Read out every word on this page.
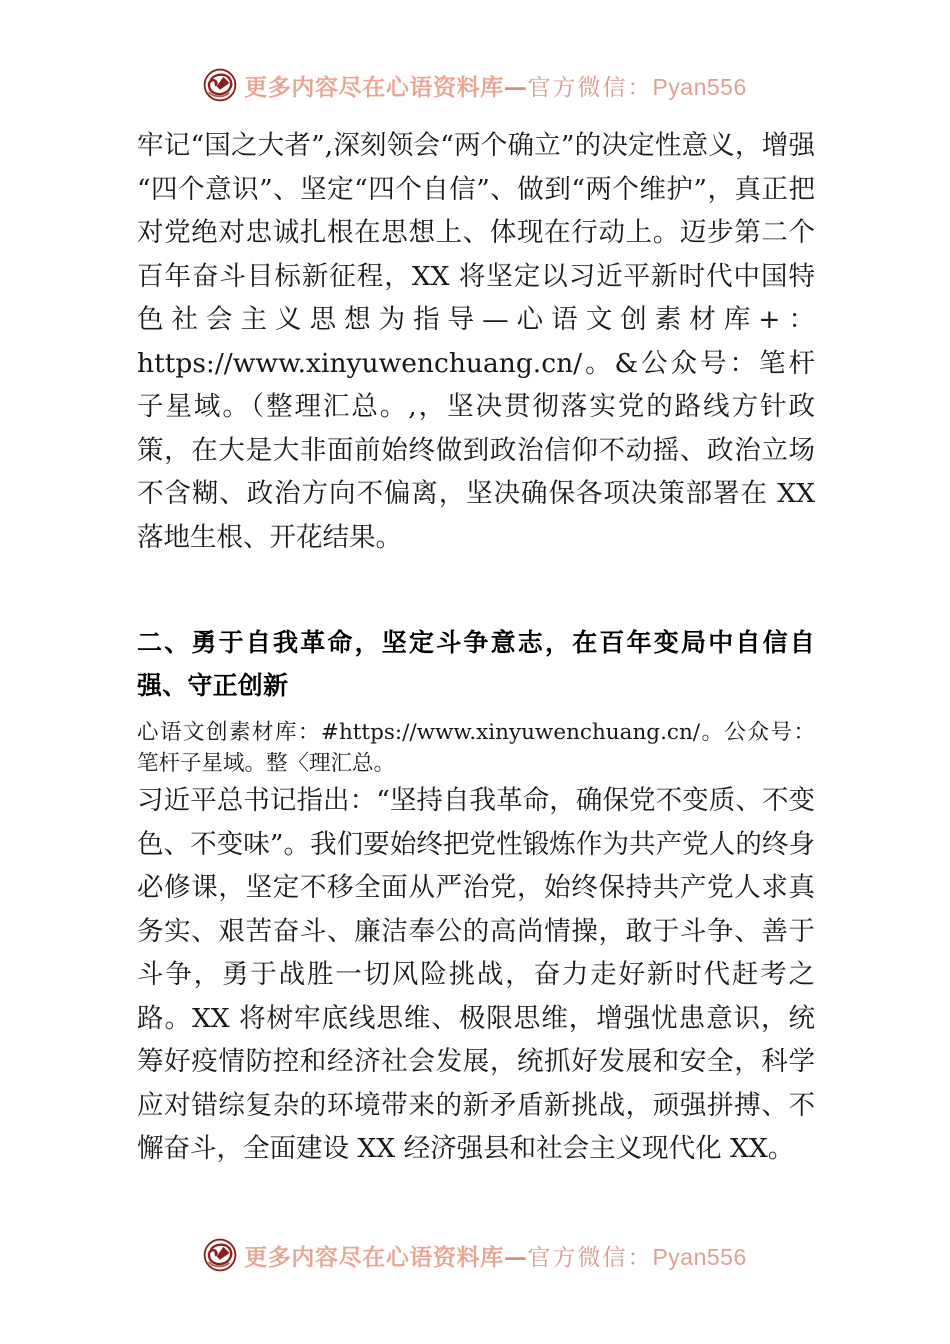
更多内容尽在心语资料库—官方微信：Pyan556

牢记“国之大者”,深刻领会“两个确立”的决定性意义，增强“四个意识”、坚定“四个自信”、做到“两个维护”，真正把对党绝对忠诚扎根在思想上、体现在行动上。迈步第二个百年奋斗目标新征程，XX 将坚定以习近平新时代中国特色社会主义思想为指导—心语文创素材库+：https://www.xinyuwenchuang.cn/。&公众号：笔杆子星域。（整理汇总。,，坚决贯彻落实党的路线方针政策，在大是大非面前始终做到政治信仰不动摇、政治立场不含糊、政治方向不偏离，坚决确保各项决策部署在 XX 落地生根、开花结果。

二、勇于自我革命，坚定斗争意志，在百年变局中自信自强、守正创新

心语文创素材库：#https://www.xinyuwenchuang.cn/。公众号：笔杆子星域。整〈理汇总。

习近平总书记指出：“坚持自我革命，确保党不变质、不变色、不变味”。我们要始终把党性锻炼作为共产党人的终身必修课，坚定不移全面从严治党，始终保持共产党人求真务实、艰苦奋斗、廉洁奉公的高尚情操，敢于斗争、善于斗争，勇于战胜一切风险挑战，奋力走好新时代赶考之路。XX 将树牢底线思维、极限思维，增强忧患意识，统筹好疫情防控和经济社会发展，统抓好发展和安全，科学应对错综复杂的环境带来的新矛盾新挑战，顽强拼搏、不懈奋斗，全面建设 XX 经济强县和社会主义现代化 XX。

更多内容尽在心语资料库—官方微信：Pyan556
